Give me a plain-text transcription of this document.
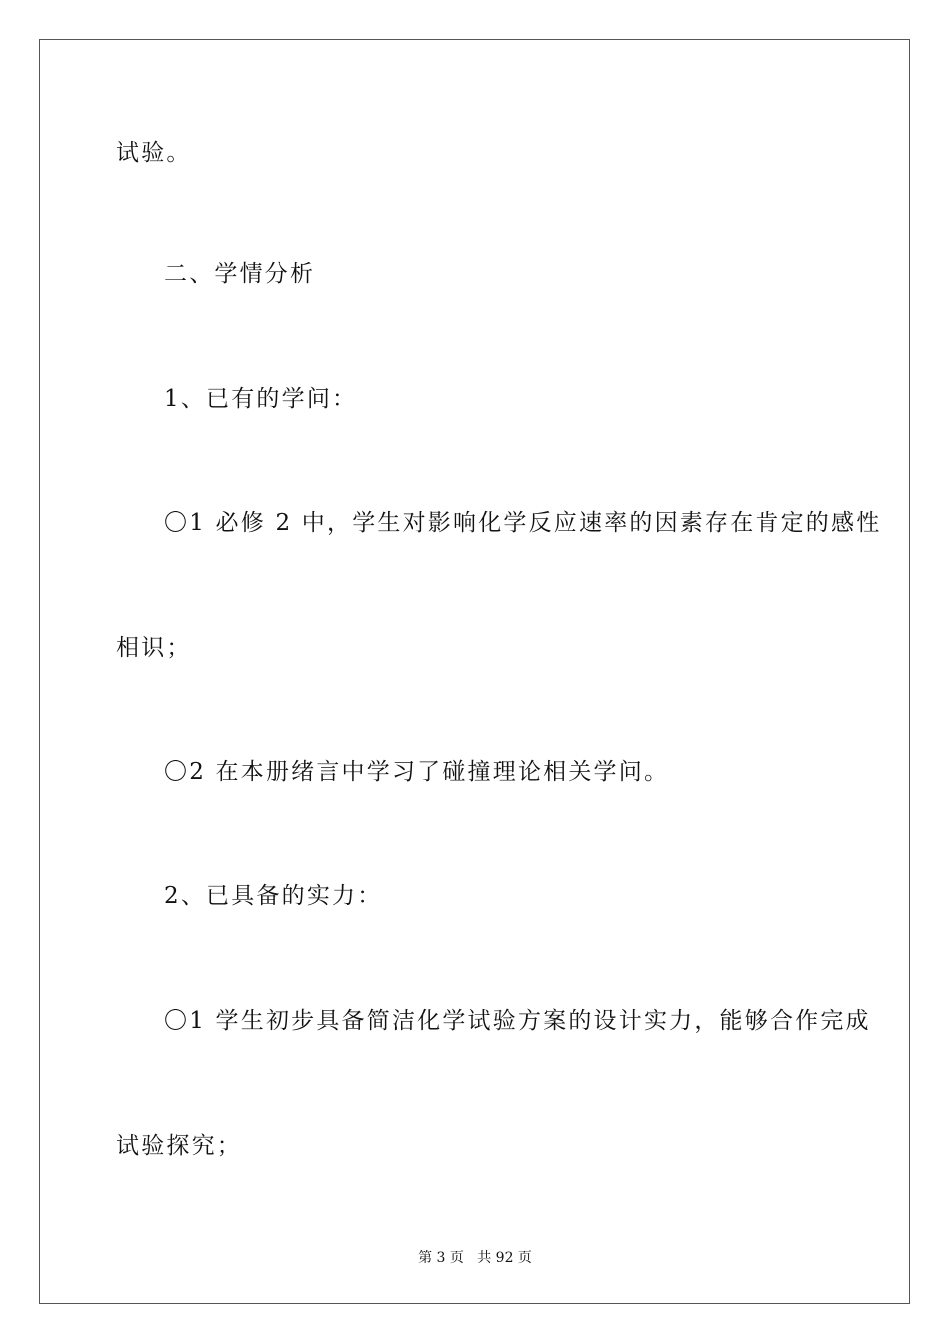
试验。
二、学情分析
1、已有的学问：
〇1 必修 2 中，学生对影响化学反应速率的因素存在肯定的感性
相识；
〇2 在本册绪言中学习了碰撞理论相关学问。
2、已具备的实力：
〇1 学生初步具备简洁化学试验方案的设计实力，能够合作完成
试验探究；
第 3 页   共 92 页
